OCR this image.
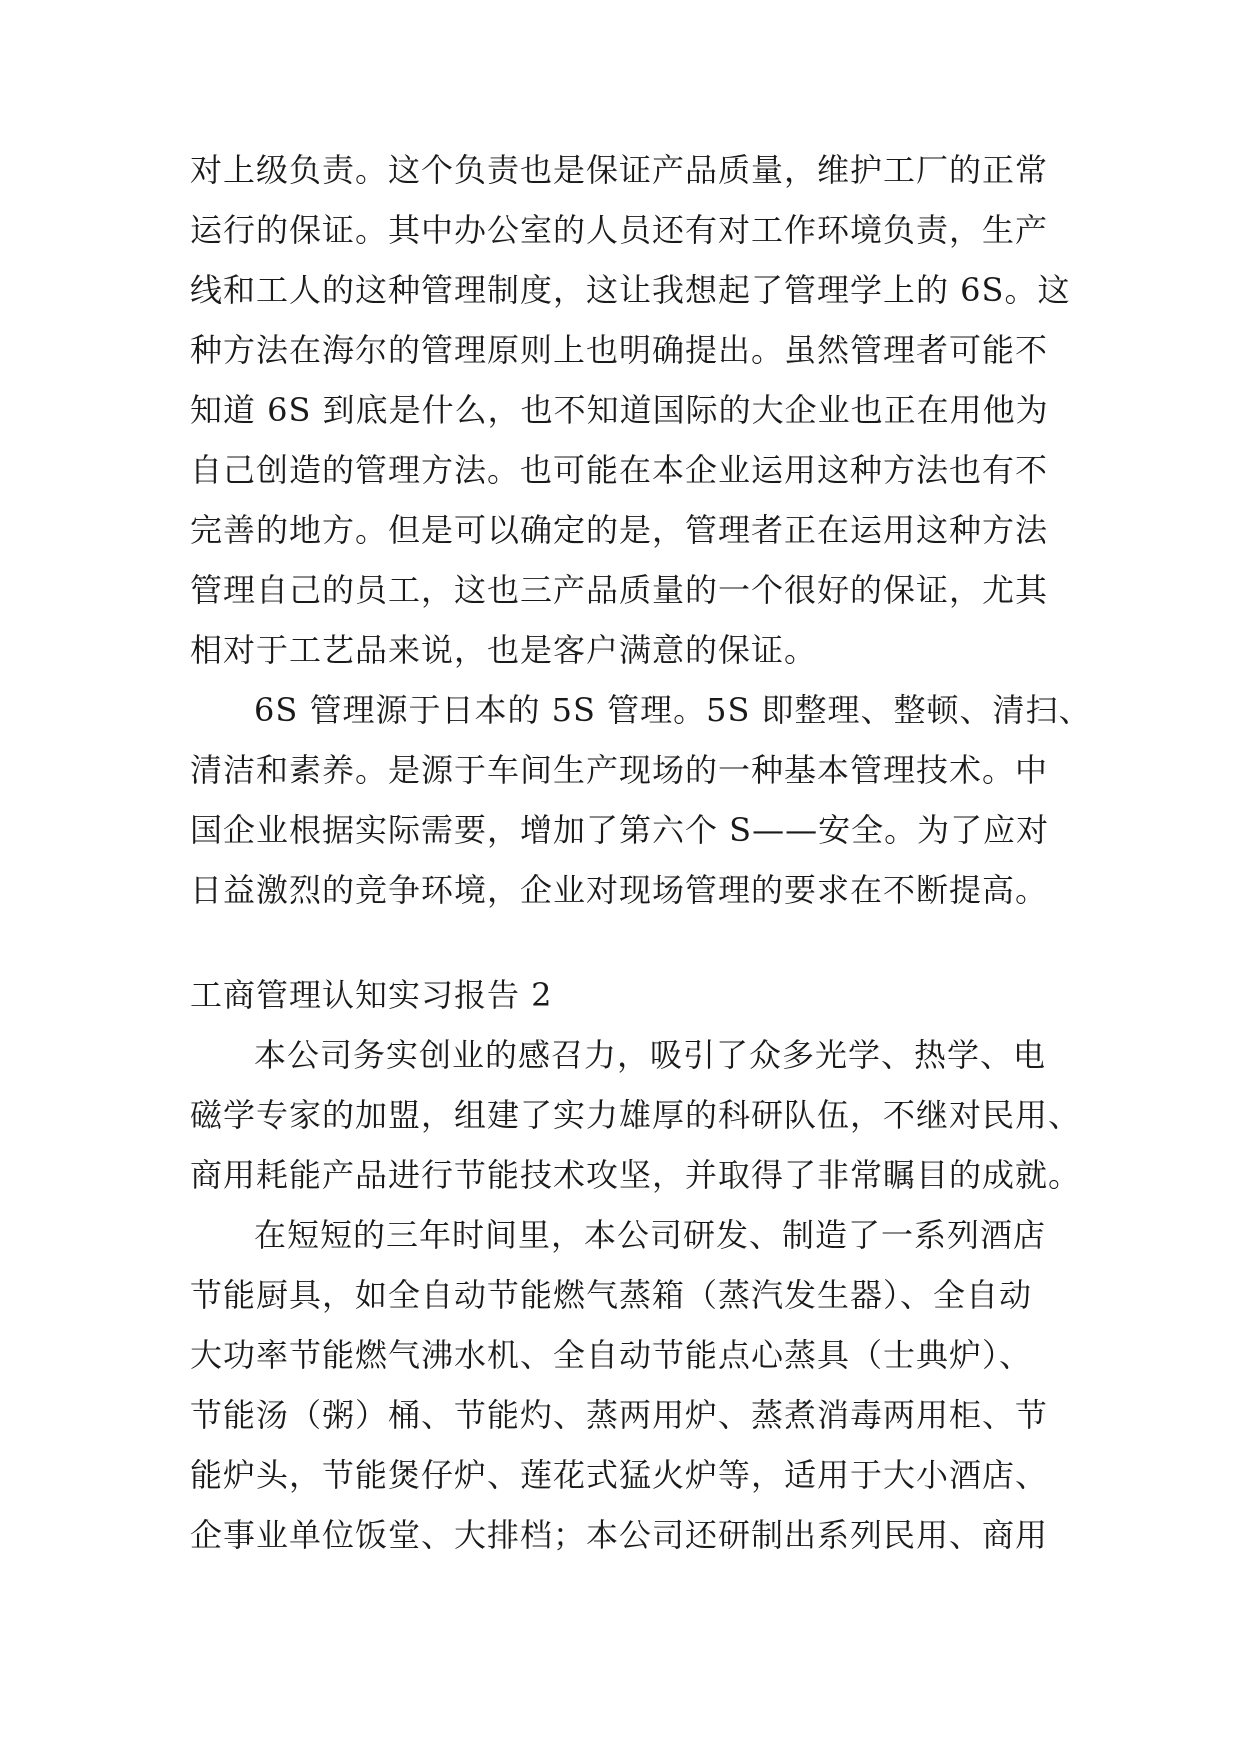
对上级负责。这个负责也是保证产品质量，维护工厂的正常
运行的保证。其中办公室的人员还有对工作环境负责，生产
线和工人的这种管理制度，这让我想起了管理学上的 6S。这
种方法在海尔的管理原则上也明确提出。虽然管理者可能不
知道 6S 到底是什么，也不知道国际的大企业也正在用他为
自己创造的管理方法。也可能在本企业运用这种方法也有不
完善的地方。但是可以确定的是，管理者正在运用这种方法
管理自己的员工，这也三产品质量的一个很好的保证，尤其
相对于工艺品来说，也是客户满意的保证。
6S 管理源于日本的 5S 管理。5S 即整理、整顿、清扫、
清洁和素养。是源于车间生产现场的一种基本管理技术。中
国企业根据实际需要，增加了第六个 S——安全。为了应对
日益激烈的竞争环境，企业对现场管理的要求在不断提高。
工商管理认知实习报告 2
本公司务实创业的感召力，吸引了众多光学、热学、电
磁学专家的加盟，组建了实力雄厚的科研队伍，不继对民用、
商用耗能产品进行节能技术攻坚，并取得了非常瞩目的成就。
在短短的三年时间里，本公司研发、制造了一系列酒店
节能厨具，如全自动节能燃气蒸箱（蒸汽发生器）、全自动
大功率节能燃气沸水机、全自动节能点心蒸具（士典炉）、
节能汤（粥）桶、节能灼、蒸两用炉、蒸煮消毒两用柜、节
能炉头，节能煲仔炉、莲花式猛火炉等，适用于大小酒店、
企事业单位饭堂、大排档；本公司还研制出系列民用、商用
